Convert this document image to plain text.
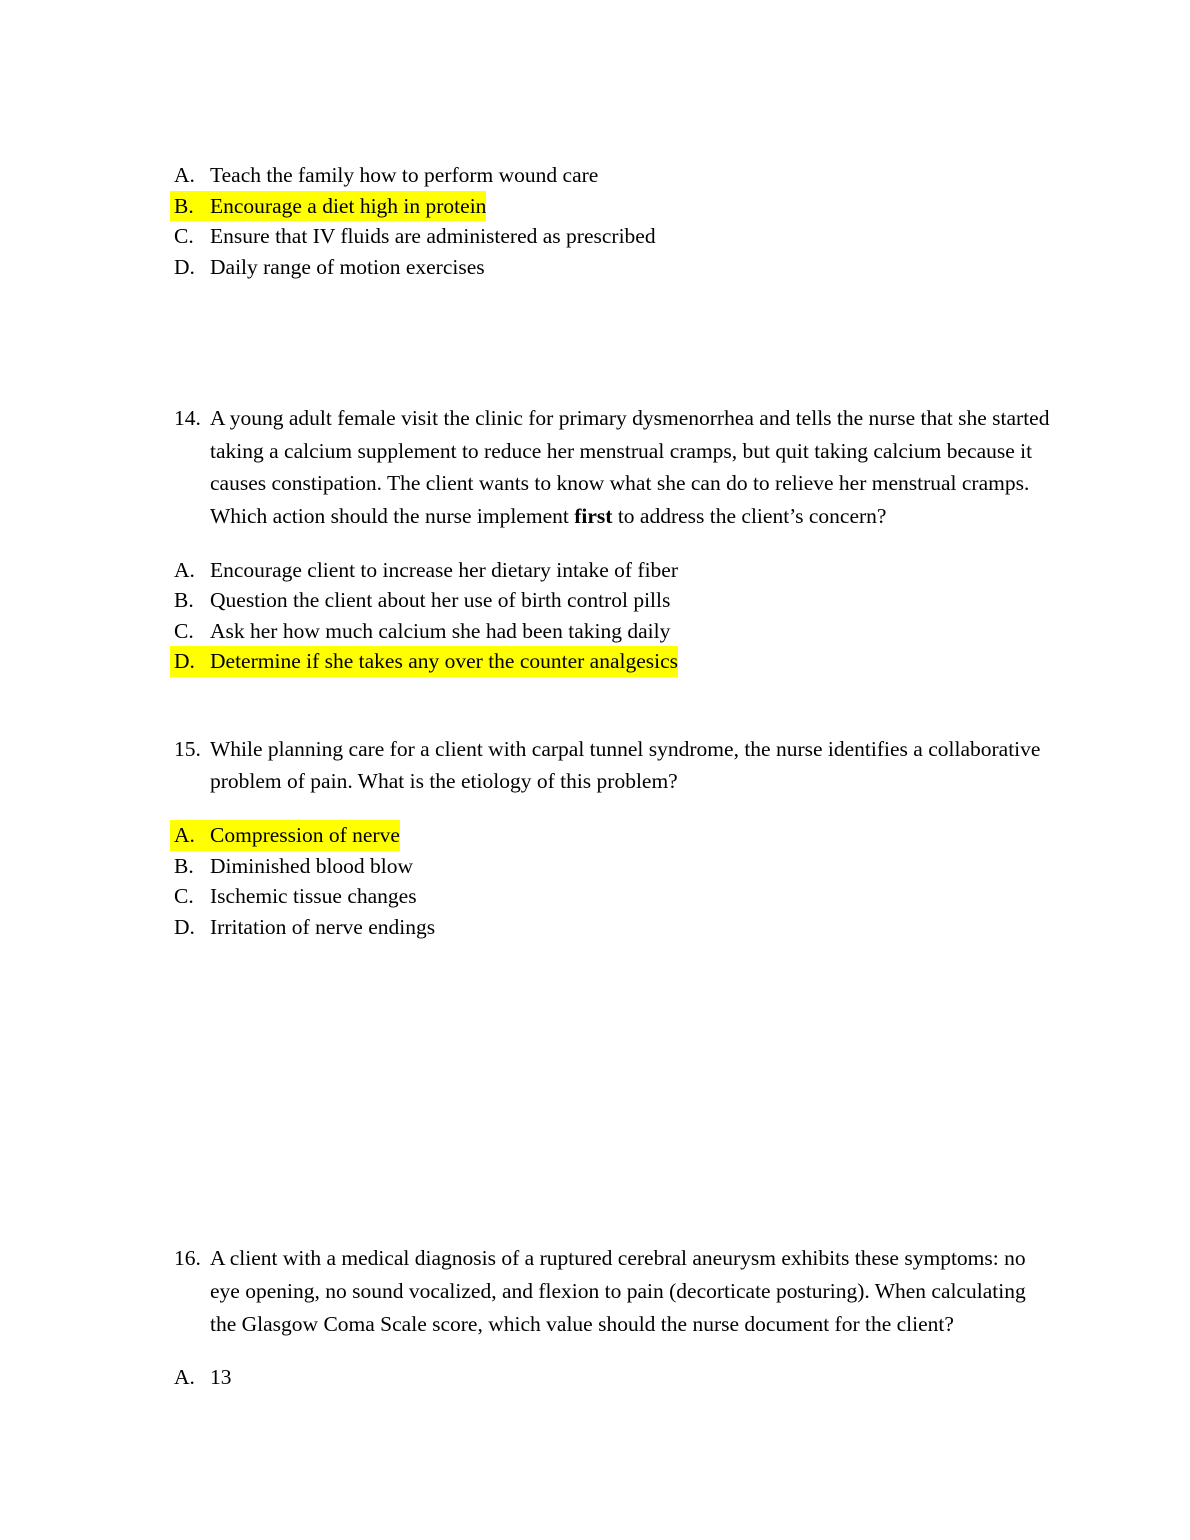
A. Teach the family how to perform wound care
B. Encourage a diet high in protein
C. Ensure that IV fluids are administered as prescribed
D. Daily range of motion exercises
14. A young adult female visit the clinic for primary dysmenorrhea and tells the nurse that she started taking a calcium supplement to reduce her menstrual cramps, but quit taking calcium because it causes constipation. The client wants to know what she can do to relieve her menstrual cramps. Which action should the nurse implement first to address the client’s concern?
A. Encourage client to increase her dietary intake of fiber
B. Question the client about her use of birth control pills
C. Ask her how much calcium she had been taking daily
D. Determine if she takes any over the counter analgesics
15. While planning care for a client with carpal tunnel syndrome, the nurse identifies a collaborative problem of pain. What is the etiology of this problem?
A. Compression of nerve
B. Diminished blood blow
C. Ischemic tissue changes
D. Irritation of nerve endings
16. A client with a medical diagnosis of a ruptured cerebral aneurysm exhibits these symptoms: no eye opening, no sound vocalized, and flexion to pain (decorticate posturing). When calculating the Glasgow Coma Scale score, which value should the nurse document for the client?
A. 13
